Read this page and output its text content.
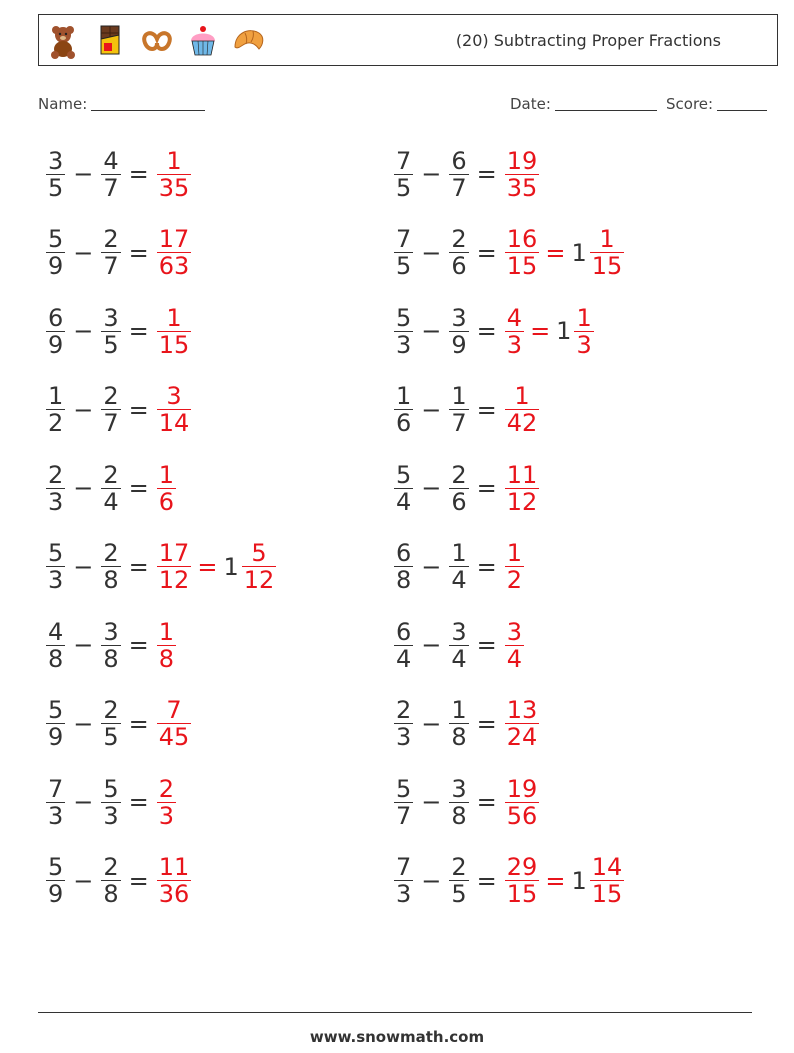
(20) Subtracting Proper Fractions
Name:	Date:	Score:
$\frac{3}{5} - \frac{4}{7} = \frac{1}{35}$
$\frac{5}{9} - \frac{2}{7} = \frac{17}{63}$
$\frac{6}{9} - \frac{3}{5} = \frac{1}{15}$
$\frac{1}{2} - \frac{2}{7} = \frac{3}{14}$
$\frac{2}{3} - \frac{2}{4} = \frac{1}{6}$
$\frac{5}{3} - \frac{2}{8} = \frac{17}{12} = 1 \frac{5}{12}$
$\frac{4}{8} - \frac{3}{8} = \frac{1}{8}$
$\frac{5}{9} - \frac{2}{5} = \frac{7}{45}$
$\frac{7}{3} - \frac{5}{3} = \frac{2}{3}$
$\frac{5}{9} - \frac{2}{8} = \frac{11}{36}$
$\frac{7}{5} - \frac{6}{7} = \frac{19}{35}$
$\frac{7}{5} - \frac{2}{6} = \frac{16}{15} = 1 \frac{1}{15}$
$\frac{5}{3} - \frac{3}{9} = \frac{4}{3} = 1 \frac{1}{3}$
$\frac{1}{6} - \frac{1}{7} = \frac{1}{42}$
$\frac{5}{4} - \frac{2}{6} = \frac{11}{12}$
$\frac{6}{8} - \frac{1}{4} = \frac{1}{2}$
$\frac{6}{4} - \frac{3}{4} = \frac{3}{4}$
$\frac{2}{3} - \frac{1}{8} = \frac{13}{24}$
$\frac{5}{7} - \frac{3}{8} = \frac{19}{56}$
$\frac{7}{3} - \frac{2}{5} = \frac{29}{15} = 1 \frac{14}{15}$
www.snowmath.com
